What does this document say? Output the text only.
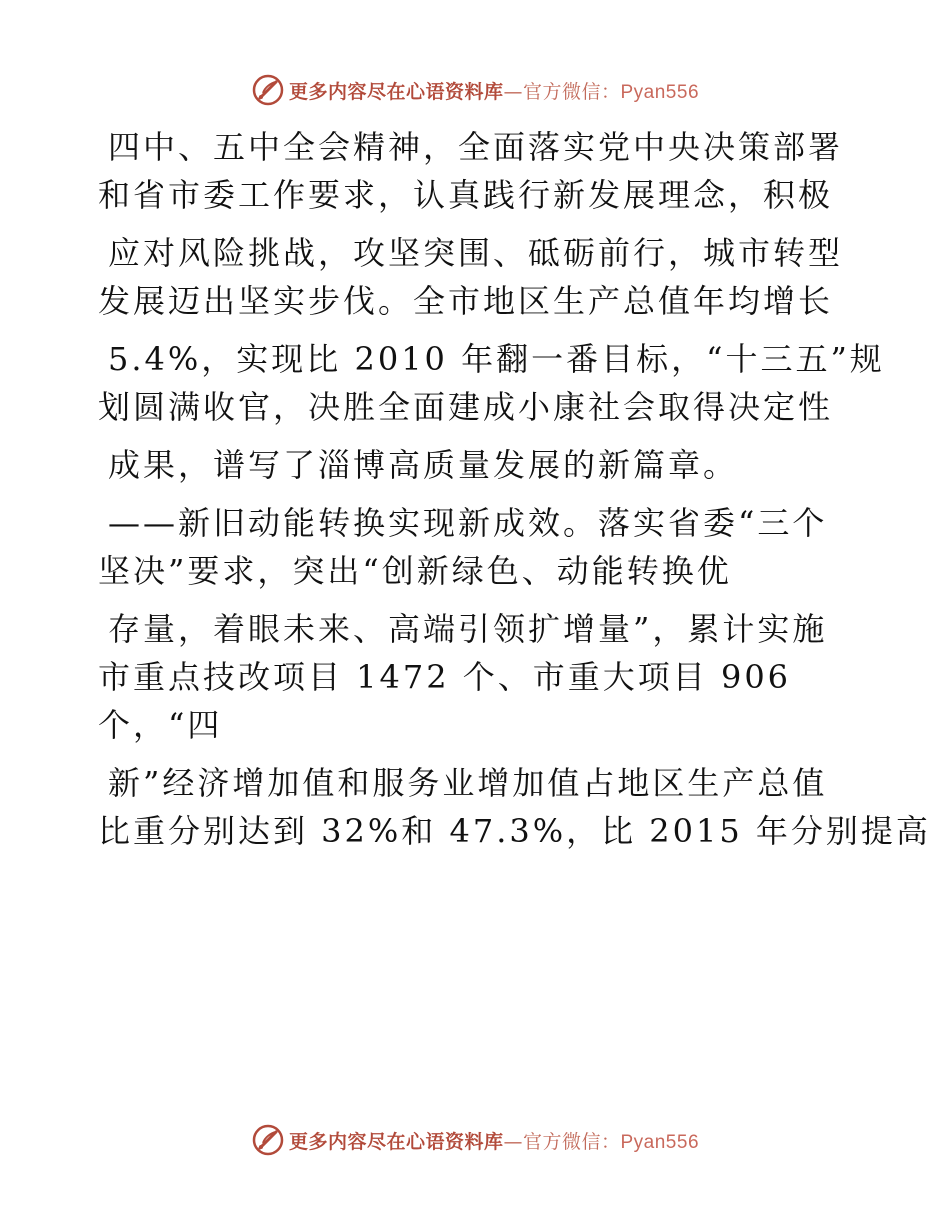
更多内容尽在心语资料库—官方微信：Pyan556
四中、五中全会精神，全面落实党中央决策部署
和省市委工作要求，认真践行新发展理念，积极
应对风险挑战，攻坚突围、砥砺前行，城市转型
发展迈出坚实步伐。全市地区生产总值年均增长
5.4%，实现比 2010 年翻一番目标，“十三五”规
划圆满收官，决胜全面建成小康社会取得决定性
成果，谱写了淄博高质量发展的新篇章。
——新旧动能转换实现新成效。落实省委“三个
坚决”要求，突出“创新绿色、动能转换优
存量，着眼未来、高端引领扩增量”，累计实施
市重点技改项目 1472 个、市重大项目 906
个，“四
新”经济增加值和服务业增加值占地区生产总值
比重分别达到 32%和 47.3%，比 2015 年分别提高
更多内容尽在心语资料库—官方微信：Pyan556
